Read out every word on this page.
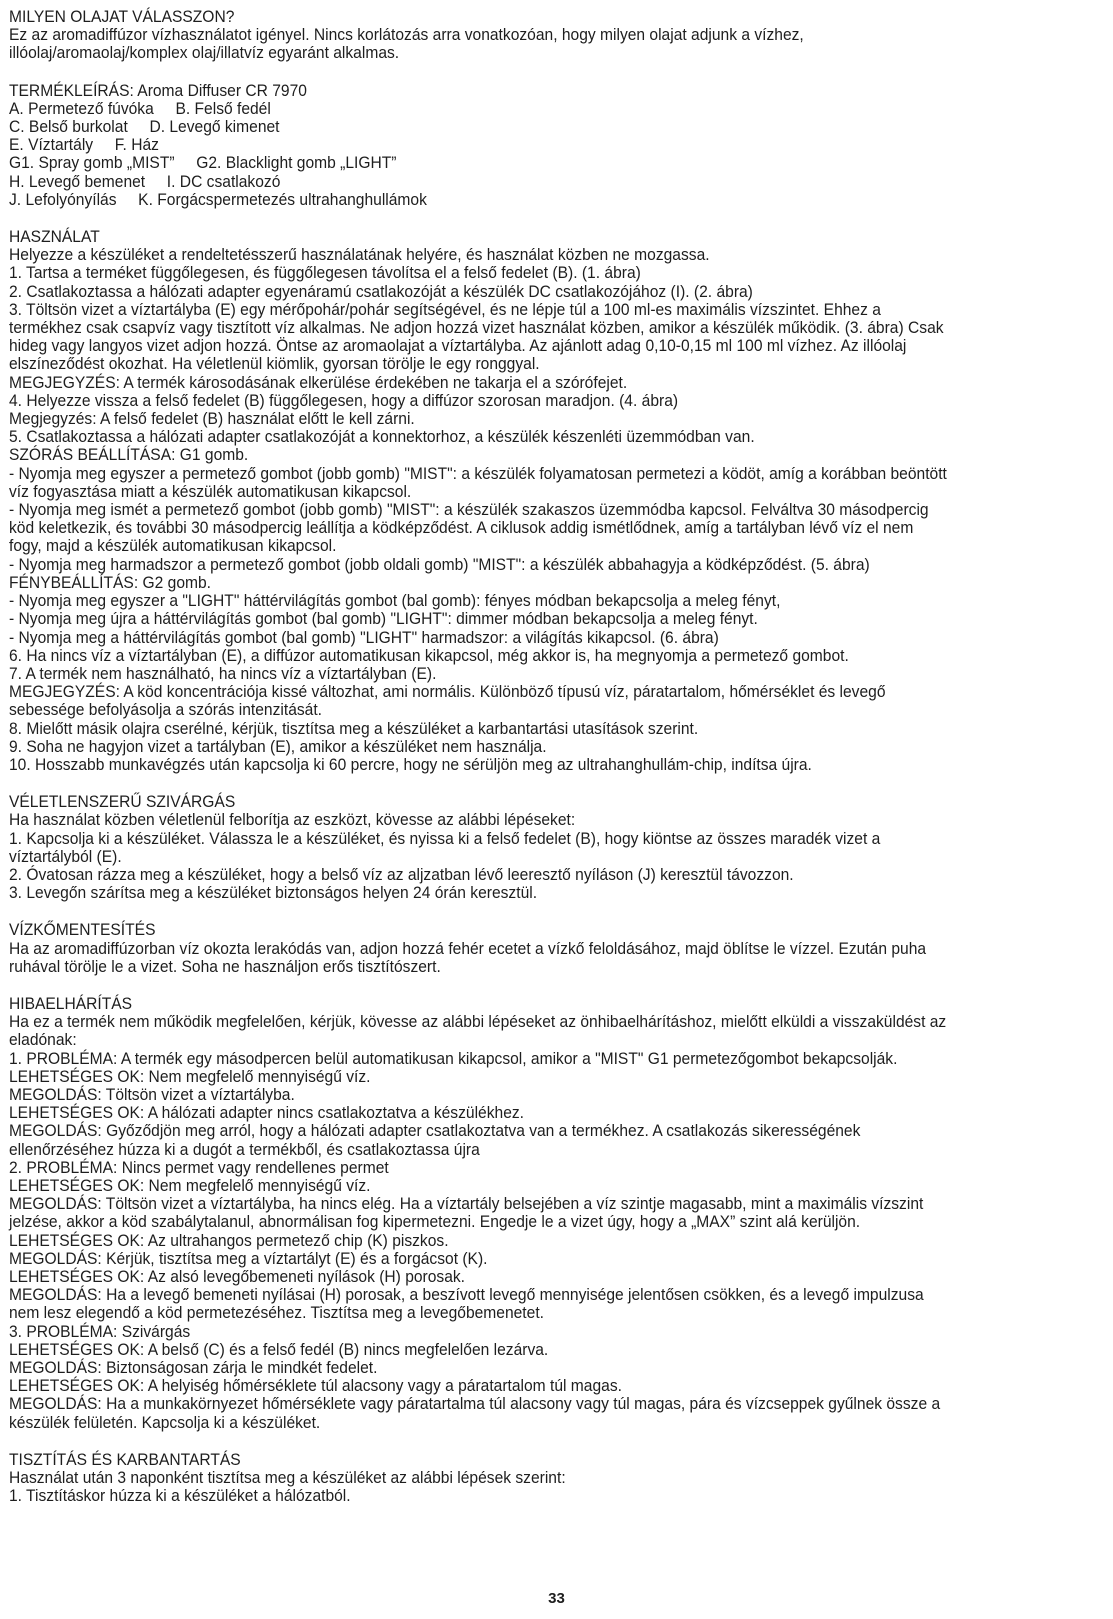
MILYEN OLAJAT VÁLASSZON?

Ez az aromadiffúzor vízhasználatot igényel. Nincs korlátozás arra vonatkozóan, hogy milyen olajat adjunk a vízhez,

illóolaj/aromaolaj/komplex olaj/illatvíz egyaránt alkalmas.

TERMÉKLEÍRÁS: Aroma Diffuser CR 7970

A. Permetező fúvóka     B. Felső fedél

C. Belső burkolat     D. Levegő kimenet

E. Víztartály     F. Ház

G1. Spray gomb „MIST”     G2. Blacklight gomb „LIGHT”

H. Levegő bemenet     I. DC csatlakozó

J. Lefolyónyílás     K. Forgácspermetezés ultrahanghullámok

HASZNÁLAT

Helyezze a készüléket a rendeltetésszerű használatának helyére, és használat közben ne mozgassa.

1. Tartsa a terméket függőlegesen, és függőlegesen távolítsa el a felső fedelet (B). (1. ábra)

2. Csatlakoztassa a hálózati adapter egyenáramú csatlakozóját a készülék DC csatlakozójához (I). (2. ábra)

3. Töltsön vizet a víztartályba (E) egy mérőpohár/pohár segítségével, és ne lépje túl a 100 ml-es maximális vízszintet. Ehhez a

termékhez csak csapvíz vagy tisztított víz alkalmas. Ne adjon hozzá vizet használat közben, amikor a készülék működik. (3. ábra) Csak

hideg vagy langyos vizet adjon hozzá. Öntse az aromaolajat a víztartályba. Az ajánlott adag 0,10-0,15 ml 100 ml vízhez. Az illóolaj

elszíneződést okozhat. Ha véletlenül kiömlik, gyorsan törölje le egy ronggyal.

MEGJEGYZÉS: A termék károsodásának elkerülése érdekében ne takarja el a szórófejet.

4. Helyezze vissza a felső fedelet (B) függőlegesen, hogy a diffúzor szorosan maradjon. (4. ábra)

Megjegyzés: A felső fedelet (B) használat előtt le kell zárni.

5. Csatlakoztassa a hálózati adapter csatlakozóját a konnektorhoz, a készülék készenléti üzemmódban van.

SZÓRÁS BEÁLLÍTÁSA: G1 gomb.

- Nyomja meg egyszer a permetező gombot (jobb gomb) "MIST": a készülék folyamatosan permetezi a ködöt, amíg a korábban beöntött

víz fogyasztása miatt a készülék automatikusan kikapcsol.

- Nyomja meg ismét a permetező gombot (jobb gomb) "MIST": a készülék szakaszos üzemmódba kapcsol. Felváltva 30 másodpercig

köd keletkezik, és további 30 másodpercig leállítja a ködképződést. A ciklusok addig ismétlődnek, amíg a tartályban lévő víz el nem

fogy, majd a készülék automatikusan kikapcsol.

- Nyomja meg harmadszor a permetező gombot (jobb oldali gomb) "MIST": a készülék abbahagyja a ködképződést. (5. ábra)

FÉNYBEÁLLÍTÁS: G2 gomb.

- Nyomja meg egyszer a "LIGHT" háttérvilágítás gombot (bal gomb): fényes módban bekapcsolja a meleg fényt,

- Nyomja meg újra a háttérvilágítás gombot (bal gomb) "LIGHT": dimmer módban bekapcsolja a meleg fényt.

- Nyomja meg a háttérvilágítás gombot (bal gomb) "LIGHT" harmadszor: a világítás kikapcsol. (6. ábra)

6. Ha nincs víz a víztartályban (E), a diffúzor automatikusan kikapcsol, még akkor is, ha megnyomja a permetező gombot.

7. A termék nem használható, ha nincs víz a víztartályban (E).

MEGJEGYZÉS: A köd koncentrációja kissé változhat, ami normális. Különböző típusú víz, páratartalom, hőmérséklet és levegő

sebessége befolyásolja a szórás intenzitását.

8. Mielőtt másik olajra cserélné, kérjük, tisztítsa meg a készüléket a karbantartási utasítások szerint.

9. Soha ne hagyjon vizet a tartályban (E), amikor a készüléket nem használja.

10. Hosszabb munkavégzés után kapcsolja ki 60 percre, hogy ne sérüljön meg az ultrahanghullám-chip, indítsa újra.

VÉLETLENSZERŰ SZIVÁRGÁS

Ha használat közben véletlenül felborítja az eszközt, kövesse az alábbi lépéseket:

1. Kapcsolja ki a készüléket. Válassza le a készüléket, és nyissa ki a felső fedelet (B), hogy kiöntse az összes maradék vizet a

víztartályból (E).

2. Óvatosan rázza meg a készüléket, hogy a belső víz az aljzatban lévő leeresztő nyíláson (J) keresztül távozzon.

3. Levegőn szárítsa meg a készüléket biztonságos helyen 24 órán keresztül.

VÍZKŐMENTESÍTÉS

Ha az aromadiffúzorban víz okozta lerakódás van, adjon hozzá fehér ecetet a vízkő feloldásához, majd öblítse le vízzel. Ezután puha

ruhával törölje le a vizet. Soha ne használjon erős tisztítószert.

HIBAELHÁRÍTÁS

Ha ez a termék nem működik megfelelően, kérjük, kövesse az alábbi lépéseket az önhibaelhárításhoz, mielőtt elküldi a visszaküldést az

eladónak:

1. PROBLÉMA: A termék egy másodpercen belül automatikusan kikapcsol, amikor a "MIST" G1 permetezőgombot bekapcsolják.

LEHETSÉGES OK: Nem megfelelő mennyiségű víz.

MEGOLDÁS: Töltsön vizet a víztartályba.

LEHETSÉGES OK: A hálózati adapter nincs csatlakoztatva a készülékhez.

MEGOLDÁS: Győződjön meg arról, hogy a hálózati adapter csatlakoztatva van a termékhez. A csatlakozás sikerességének

ellenőrzéséhez húzza ki a dugót a termékből, és csatlakoztassa újra

2. PROBLÉMA: Nincs permet vagy rendellenes permet

LEHETSÉGES OK: Nem megfelelő mennyiségű víz.

MEGOLDÁS: Töltsön vizet a víztartályba, ha nincs elég. Ha a víztartály belsejében a víz szintje magasabb, mint a maximális vízszint

jelzése, akkor a köd szabálytalanul, abnormálisan fog kipermetezni. Engedje le a vizet úgy, hogy a „MAX” szint alá kerüljön.

LEHETSÉGES OK: Az ultrahangos permetező chip (K) piszkos.

MEGOLDÁS: Kérjük, tisztítsa meg a víztartályt (E) és a forgácsot (K).

LEHETSÉGES OK: Az alsó levegőbemeneti nyílások (H) porosak.

MEGOLDÁS: Ha a levegő bemeneti nyílásai (H) porosak, a beszívott levegő mennyisége jelentősen csökken, és a levegő impulzusa

nem lesz elegendő a köd permetezéséhez. Tisztítsa meg a levegőbemenetet.

3. PROBLÉMA: Szivárgás

LEHETSÉGES OK: A belső (C) és a felső fedél (B) nincs megfelelően lezárva.

MEGOLDÁS: Biztonságosan zárja le mindkét fedelet.

LEHETSÉGES OK: A helyiség hőmérséklete túl alacsony vagy a páratartalom túl magas.

MEGOLDÁS: Ha a munkakörnyezet hőmérséklete vagy páratartalma túl alacsony vagy túl magas, pára és vízcseppek gyűlnek össze a

készülék felületén. Kapcsolja ki a készüléket.

TISZTÍTÁS ÉS KARBANTARTÁS

Használat után 3 naponként tisztítsa meg a készüléket az alábbi lépések szerint:

1. Tisztításkor húzza ki a készüléket a hálózatból.

33
